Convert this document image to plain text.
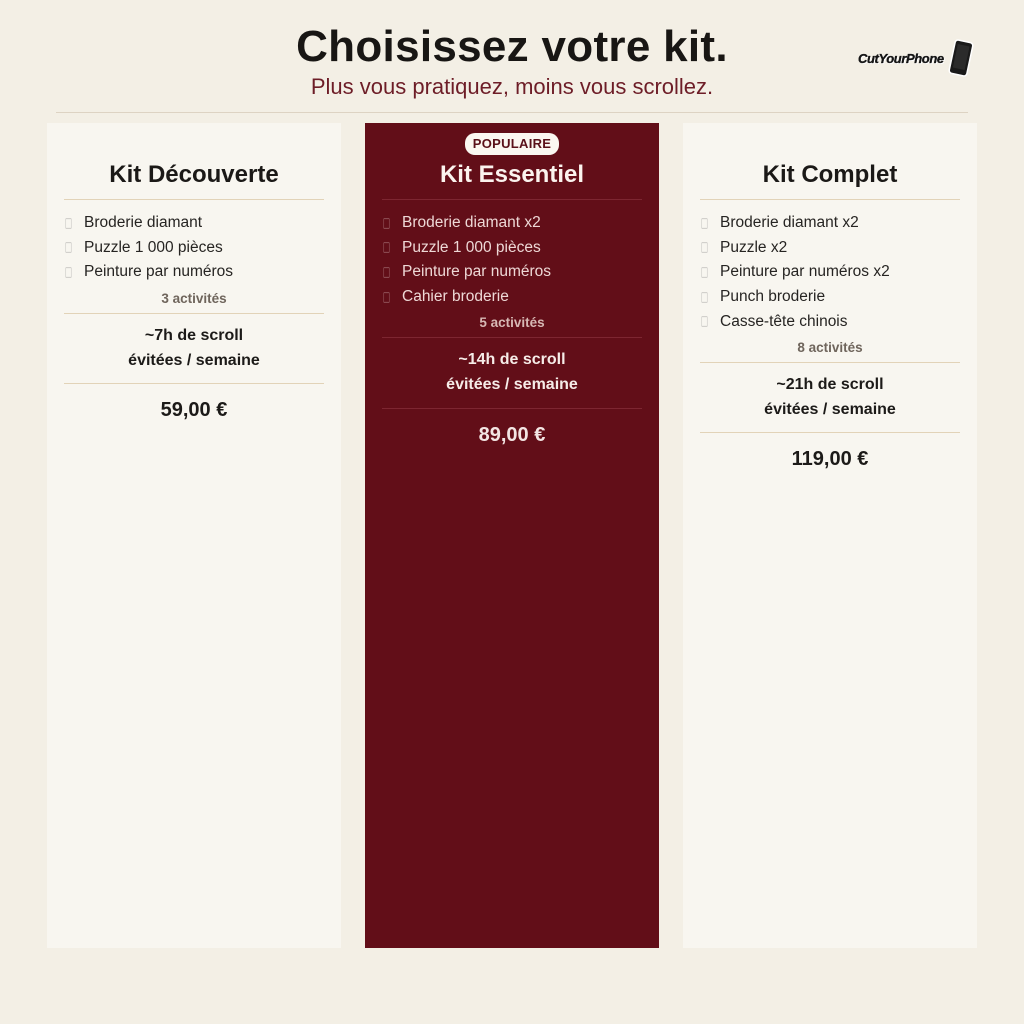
Choisissez votre kit.
Plus vous pratiquez, moins vous scrollez.
CutYourPhone
Kit Découverte
Broderie diamant
Puzzle 1 000 pièces
Peinture par numéros
3 activités
~7h de scroll
évitées / semaine
59,00 €
POPULAIRE
Kit Essentiel
Broderie diamant x2
Puzzle 1 000 pièces
Peinture par numéros
Cahier broderie
5 activités
~14h de scroll
évitées / semaine
89,00 €
Kit Complet
Broderie diamant x2
Puzzle x2
Peinture par numéros x2
Punch broderie
Casse-tête chinois
8 activités
~21h de scroll
évitées / semaine
119,00 €
